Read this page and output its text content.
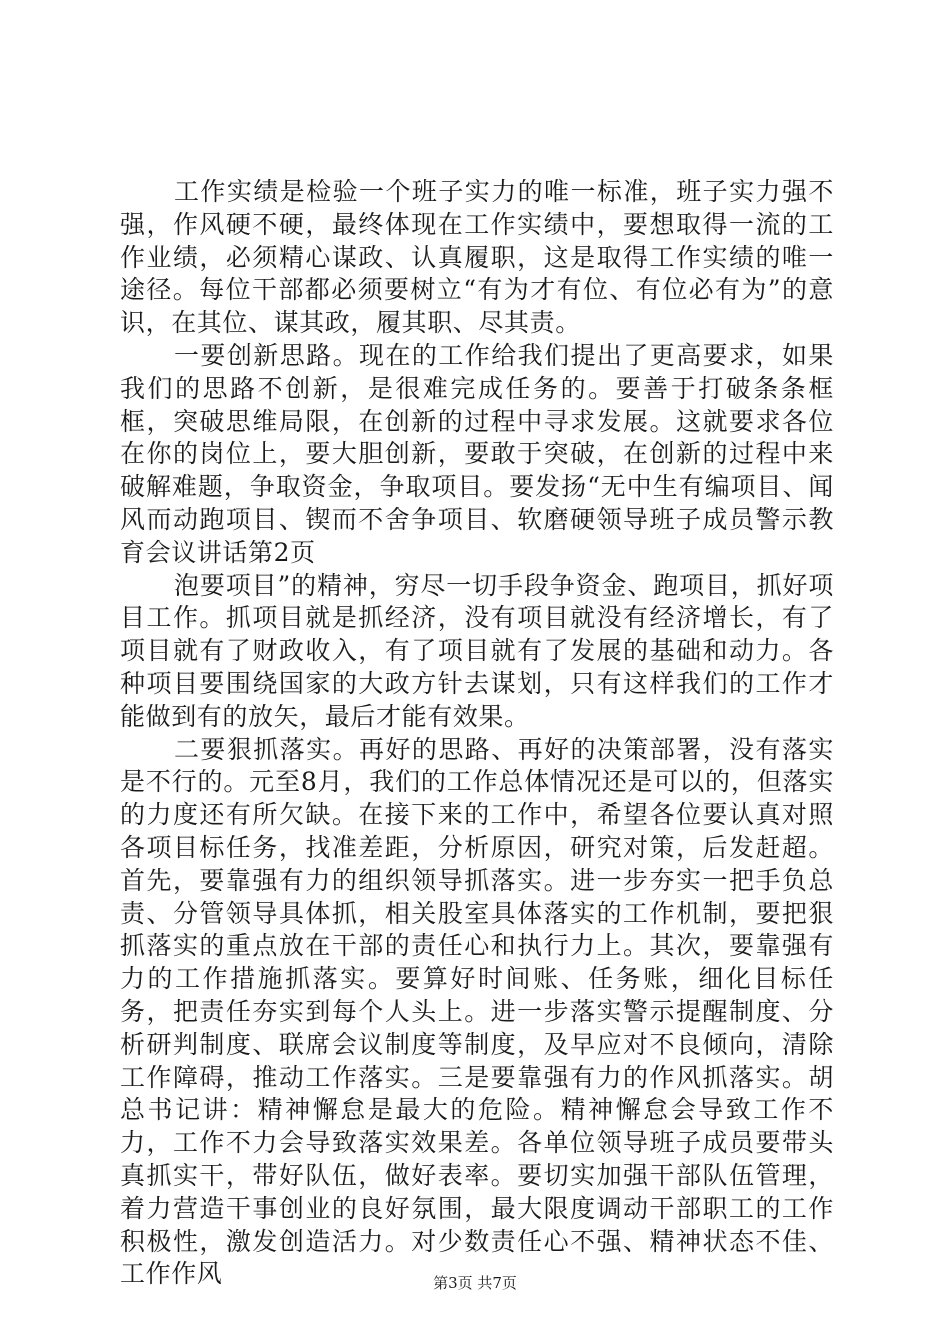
工作实绩是检验一个班子实力的唯一标准，班子实力强不强，作风硬不硬，最终体现在工作实绩中，要想取得一流的工作业绩，必须精心谋政、认真履职，这是取得工作实绩的唯一途径。每位干部都必须要树立“有为才有位、有位必有为”的意识，在其位、谋其政，履其职、尽其责。

一要创新思路。现在的工作给我们提出了更高要求，如果我们的思路不创新，是很难完成任务的。要善于打破条条框框，突破思维局限，在创新的过程中寻求发展。这就要求各位在你的岗位上，要大胆创新，要敢于突破，在创新的过程中来破解难题，争取资金，争取项目。要发扬“无中生有编项目、闻风而动跑项目、锲而不舍争项目、软磨硬领导班子成员警示教育会议讲话第2页

泡要项目”的精神，穷尽一切手段争资金、跑项目，抓好项目工作。抓项目就是抓经济，没有项目就没有经济增长，有了项目就有了财政收入，有了项目就有了发展的基础和动力。各种项目要围绕国家的大政方针去谋划，只有这样我们的工作才能做到有的放矢，最后才能有效果。

二要狠抓落实。再好的思路、再好的决策部署，没有落实是不行的。元至8月，我们的工作总体情况还是可以的，但落实的力度还有所欠缺。在接下来的工作中，希望各位要认真对照各项目标任务，找准差距，分析原因，研究对策，后发赶超。首先，要靠强有力的组织领导抓落实。进一步夯实一把手负总责、分管领导具体抓，相关股室具体落实的工作机制，要把狠抓落实的重点放在干部的责任心和执行力上。其次，要靠强有力的工作措施抓落实。要算好时间账、任务账，细化目标任务，把责任夯实到每个人头上。进一步落实警示提醒制度、分析研判制度、联席会议制度等制度，及早应对不良倾向，清除工作障碍，推动工作落实。三是要靠强有力的作风抓落实。胡总书记讲：精神懈怠是最大的危险。精神懈怠会导致工作不力，工作不力会导致落实效果差。各单位领导班子成员要带头真抓实干，带好队伍，做好表率。要切实加强干部队伍管理，着力营造干事创业的良好氛围，最大限度调动干部职工的工作积极性，激发创造活力。对少数责任心不强、精神状态不佳、工作作风	第3页 共7页
